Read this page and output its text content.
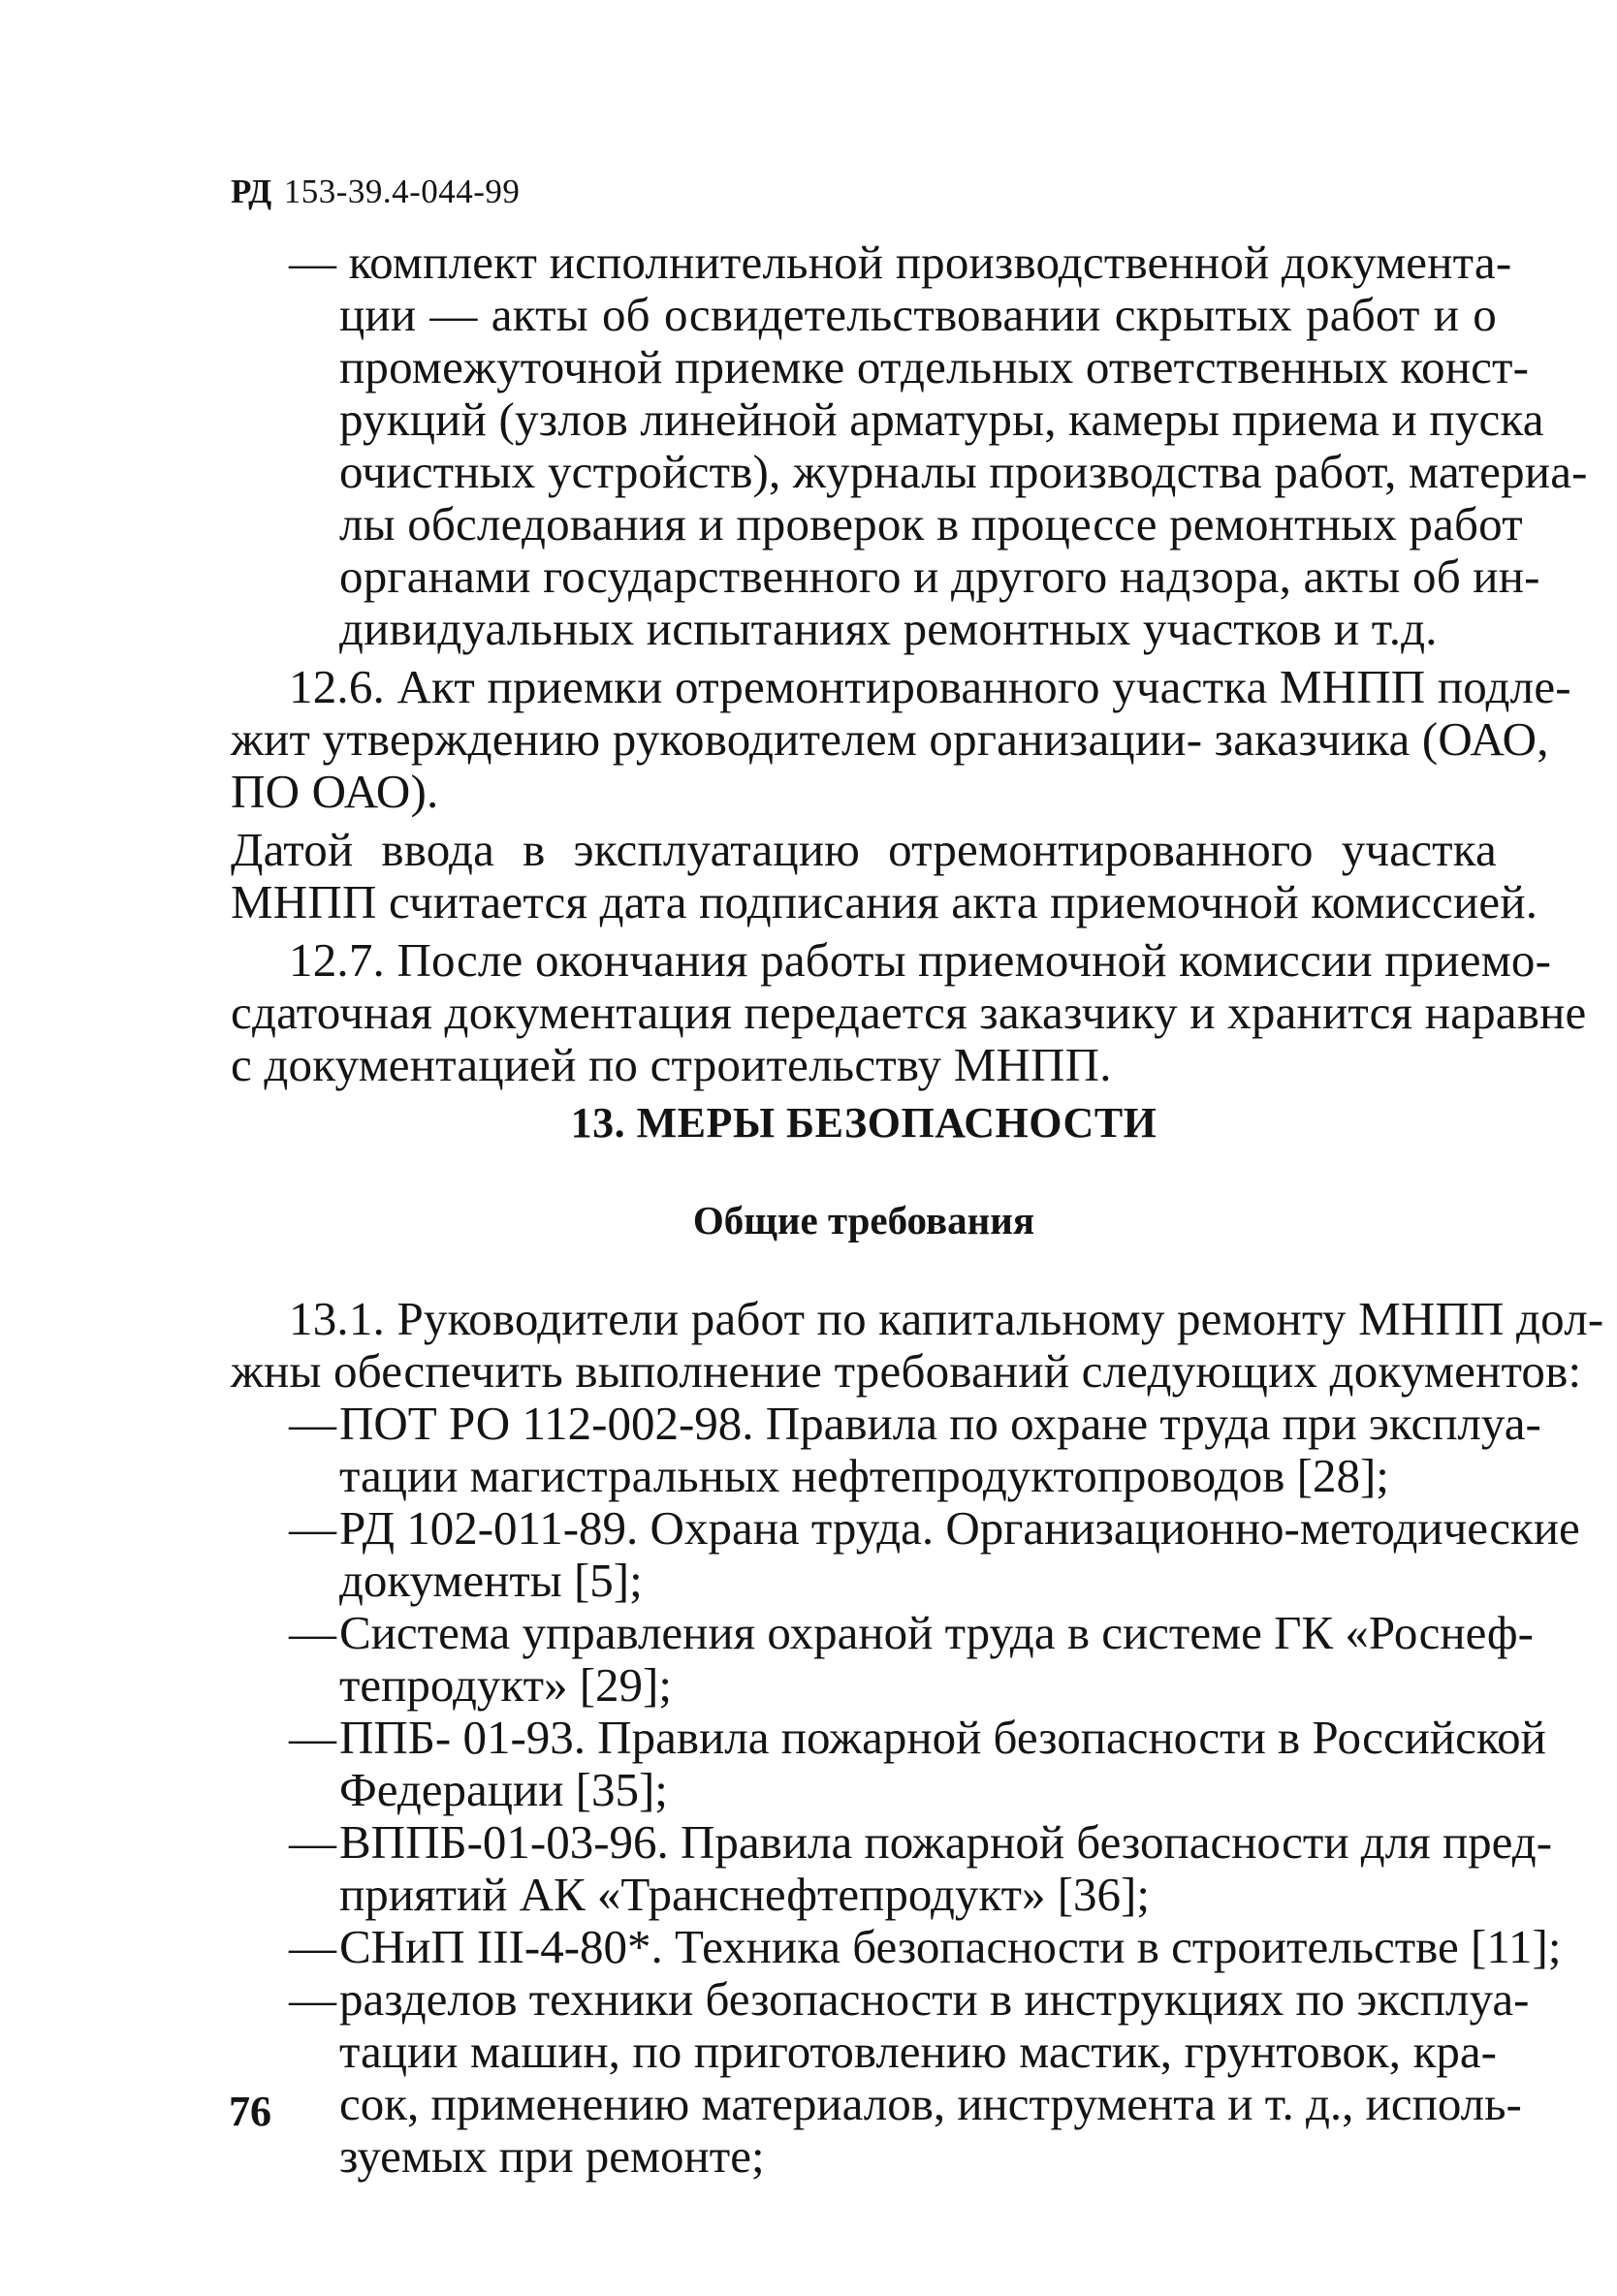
РД 153-39.4-044-99
— комплект исполнительной производственной документа-
ции — акты об освидетельствовании скрытых работ и о
промежуточной приемке отдельных ответственных конст-
рукций (узлов линейной арматуры, камеры приема и пуска
очистных устройств), журналы производства работ, материа-
лы обследования и проверок в процессе ремонтных работ
органами государственного и другого надзора, акты об ин-
дивидуальных испытаниях ремонтных участков и т.д.
12.6. Акт приемки отремонтированного участка МНПП подле-
жит утверждению руководителем организации- заказчика (ОАО,
ПО ОАО).
Датой ввода в эксплуатацию отремонтированного участка
МНПП считается дата подписания акта приемочной комиссией.
12.7. После окончания работы приемочной комиссии приемо-
сдаточная документация передается заказчику и хранится наравне
с документацией по строительству МНПП.
13. МЕРЫ БЕЗОПАСНОСТИ
Общие требования
13.1. Руководители работ по капитальному ремонту МНПП дол-
жны обеспечить выполнение требований следующих документов:
— ПОТ РО 112-002-98. Правила по охране труда при эксплуа-
тации магистральных нефтепродуктопроводов [28];
— РД 102-011-89. Охрана труда. Организационно-методические
документы [5];
— Система управления охраной труда в системе ГК «Роснеф-
тепродукт» [29];
— ППБ- 01-93. Правила пожарной безопасности в Российской
Федерации [35];
— ВППБ-01-03-96. Правила пожарной безопасности для пред-
приятий АК «Транснефтепродукт» [36];
— СНиП III-4-80*. Техника безопасности в строительстве [11];
— разделов техники безопасности в инструкциях по эксплуа-
тации машин, по приготовлению мастик, грунтовок, кра-
сок, применению материалов, инструмента и т. д., исполь-
зуемых при ремонте;
76
